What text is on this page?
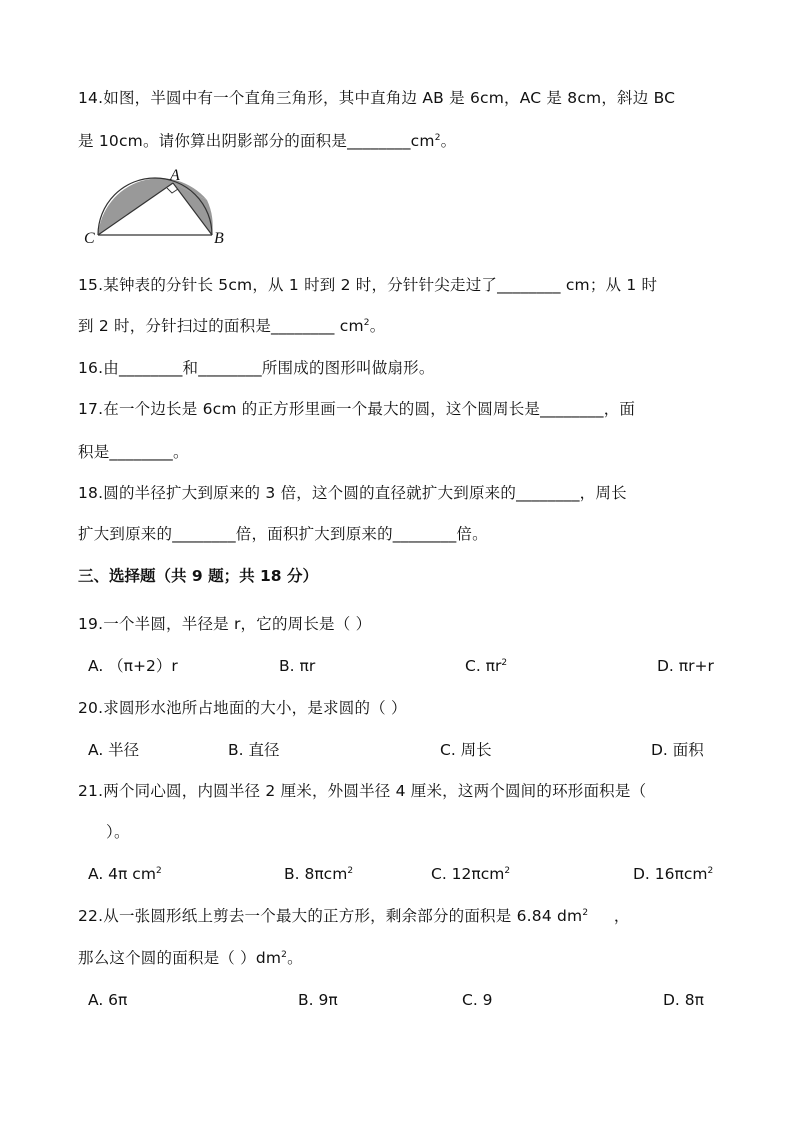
14.如图，半圆中有一个直角三角形，其中直角边 AB 是 6cm，AC 是 8cm，斜边 BC
是 10cm。请你算出阴影部分的面积是$\_\_\_\_\_\_\_\_cm^2$。
A
B
C
15.某钟表的分针长 5cm，从 1 时到 2 时，分针针尖走过了________ cm；从 1 时
到 2 时，分针扫过的面积是________ $cm^2$。
16.由________和________所围成的图形叫做扇形。
17.在一个边长是 6cm 的正方形里画一个最大的圆，这个圆周长是________，面
积是________。
18.圆的半径扩大到原来的 3 倍，这个圆的直径就扩大到原来的________，周长
扩大到原来的________倍，面积扩大到原来的________倍。
三、选择题（共 9 题；共 18 分）
19.一个半圆，半径是 r，它的周长是（ ）
A. （π+2）r	B. πr	C. $\pi r^2$	D. πr+r
20.求圆形水池所占地面的大小，是求圆的（ ）
A. 半径	B. 直径	C. 周长	D. 面积
21.两个同心圆，内圆半径 2 厘米，外圆半径 4 厘米，这两个圆间的环形面积是（
）。
A. 4π $cm^2$	B. 8πcm$^2$	C. 12πcm$^2$	D. 16πcm$^2$
22.从一张圆形纸上剪去一个最大的正方形，剩余部分的面积是 6.84 $dm^2$     ，
那么这个圆的面积是（ ）$dm^2$。
A. 6π	B. 9π	C. 9	D. 8π
